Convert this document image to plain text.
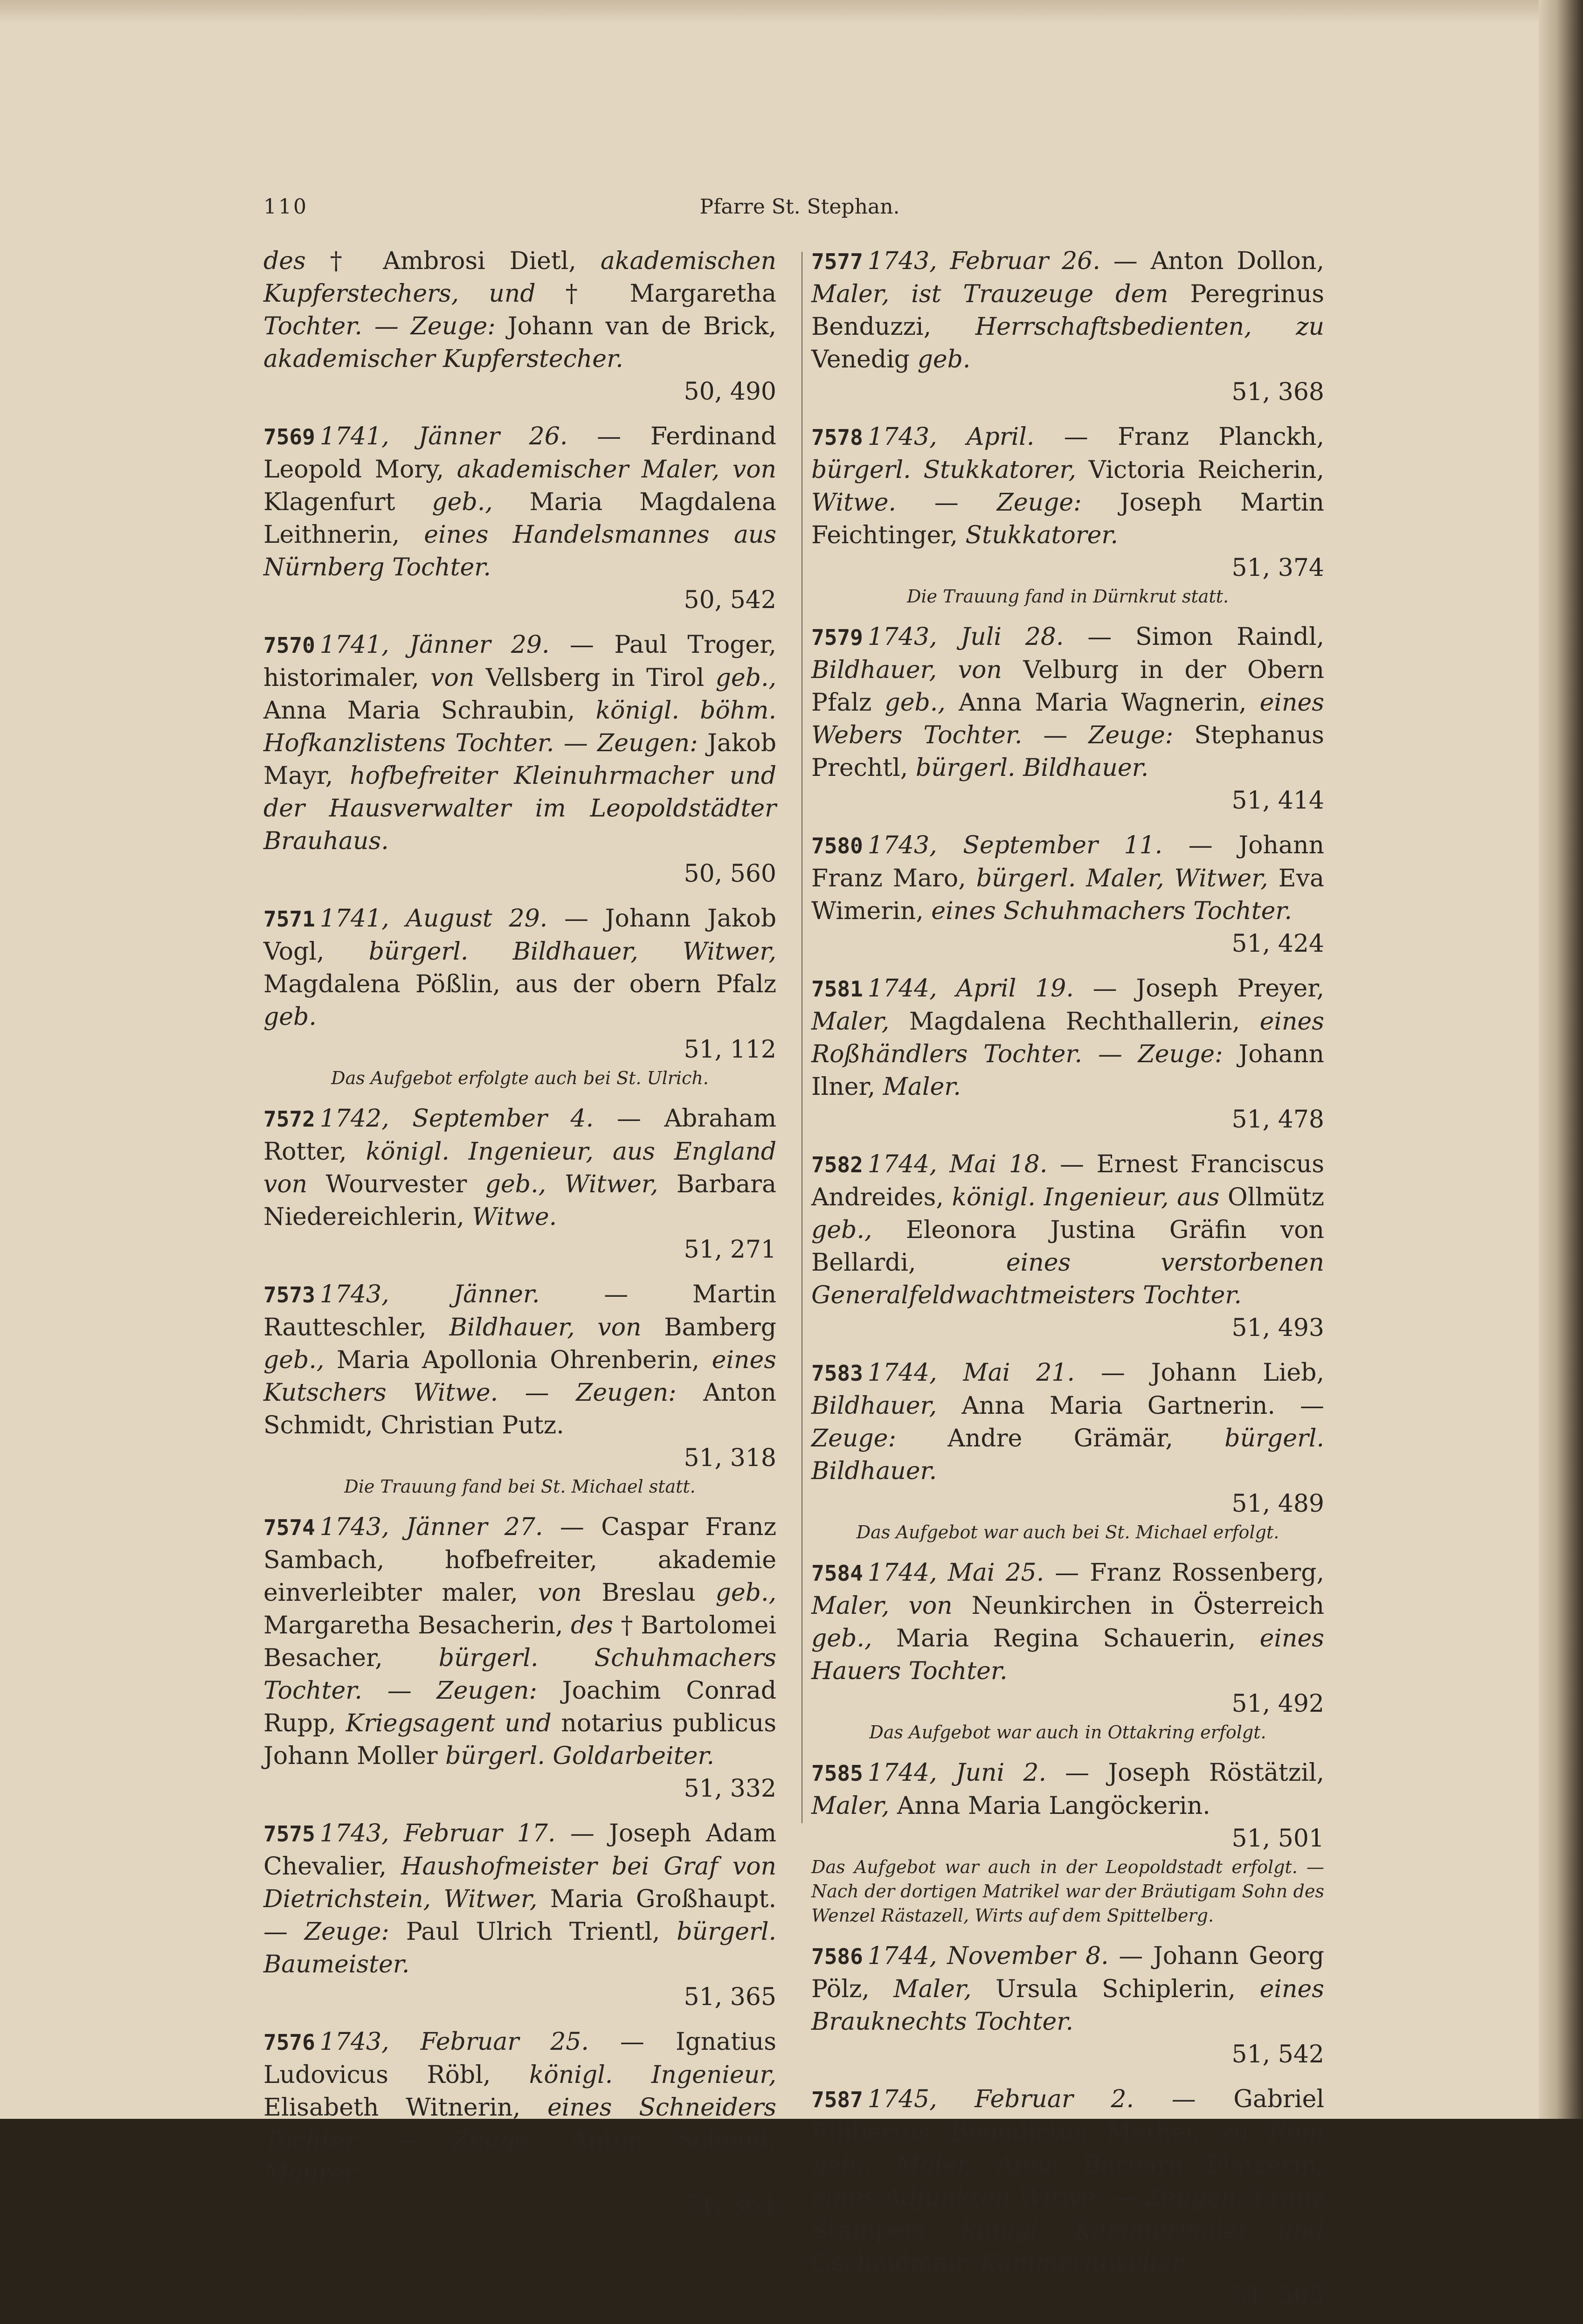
110	Pfarre St. Stephan.

des † Ambrosi Dietl, akademischen Kupferstechers, und † Margaretha Tochter. — Zeuge: Johann van de Brick, akademischer Kupferstecher.

50, 490

7569 1741, Jänner 26. — Ferdinand Leopold Mory, akademischer Maler, von Klagenfurt geb., Maria Magdalena Leithnerin, eines Handelsmannes aus Nürnberg Tochter.

50, 542

7570 1741, Jänner 29. — Paul Troger, historimaler, von Vellsberg in Tirol geb., Anna Maria Schraubin, königl. böhm. Hofkanzlistens Tochter. — Zeugen: Jakob Mayr, hofbefreiter Kleinuhrmacher und der Hausverwalter im Leopoldstädter Brauhaus.

50, 560

7571 1741, August 29. — Johann Jakob Vogl, bürgerl. Bildhauer, Witwer, Magdalena Pößlin, aus der obern Pfalz geb.

51, 112

Das Aufgebot erfolgte auch bei St. Ulrich.

7572 1742, September 4. — Abraham Rotter, königl. Ingenieur, aus England von Wourvester geb., Witwer, Barbara Niedereichlerin, Witwe.

51, 271

7573 1743, Jänner. — Martin Rautteschler, Bildhauer, von Bamberg geb., Maria Apollonia Ohrenberin, eines Kutschers Witwe. — Zeugen: Anton Schmidt, Christian Putz.

51, 318

Die Trauung fand bei St. Michael statt.

7574 1743, Jänner 27. — Caspar Franz Sambach, hofbefreiter, akademie einverleibter maler, von Breslau geb., Margaretha Besacherin, des † Bartolomei Besacher, bürgerl. Schuhmachers Tochter. — Zeugen: Joachim Conrad Rupp, Kriegsagent und notarius publicus Johann Moller bürgerl. Goldarbeiter.

51, 332

7575 1743, Februar 17. — Joseph Adam Chevalier, Haushofmeister bei Graf von Dietrichstein, Witwer, Maria Großhaupt. — Zeuge: Paul Ulrich Trientl, bürgerl. Baumeister.

51, 365

7576 1743, Februar 25. — Ignatius Ludovicus Röbl, königl. Ingenieur, Elisabeth Witnerin, eines Schneiders Tochter. — Zeuge: Anton Schmid, Maurer.

51, 364

7577 1743, Februar 26. — Anton Dollon, Maler, ist Trauzeuge dem Peregrinus Benduzzi, Herrschaftsbedienten, zu Venedig geb.

51, 368

7578 1743, April. — Franz Planckh, bürgerl. Stukkatorer, Victoria Reicherin, Witwe. — Zeuge: Joseph Martin Feichtinger, Stukkatorer.

51, 374

Die Trauung fand in Dürnkrut statt.

7579 1743, Juli 28. — Simon Raindl, Bildhauer, von Velburg in der Obern Pfalz geb., Anna Maria Wagnerin, eines Webers Tochter. — Zeuge: Stephanus Prechtl, bürgerl. Bildhauer.

51, 414

7580 1743, September 11. — Johann Franz Maro, bürgerl. Maler, Witwer, Eva Wimerin, eines Schuhmachers Tochter.

51, 424

7581 1744, April 19. — Joseph Preyer, Maler, Magdalena Rechthallerin, eines Roßhändlers Tochter. — Zeuge: Johann Ilner, Maler.

51, 478

7582 1744, Mai 18. — Ernest Franciscus Andreides, königl. Ingenieur, aus Ollmütz geb., Eleonora Justina Gräfin von Bellardi, eines verstorbenen Generalfeldwachtmeisters Tochter.

51, 493

7583 1744, Mai 21. — Johann Lieb, Bildhauer, Anna Maria Gartnerin. — Zeuge: Andre Grämär, bürgerl. Bildhauer.

51, 489

Das Aufgebot war auch bei St. Michael erfolgt.

7584 1744, Mai 25. — Franz Rossenberg, Maler, von Neunkirchen in Österreich geb., Maria Regina Schauerin, eines Hauers Tochter.

51, 492

Das Aufgebot war auch in Ottakring erfolgt.

7585 1744, Juni 2. — Joseph Röstätzil, Maler, Anna Maria Langöckerin.

51, 501

Das Aufgebot war auch in der Leopoldstadt erfolgt. — Nach der dortigen Matrikel war der Bräutigam Sohn des Wenzel Rästazell, Wirts auf dem Spittelberg.

7586 1744, November 8. — Johann Georg Pölz, Maler, Ursula Schiplerin, eines Brauknechts Tochter.

51, 542

7587 1745, Februar 2. — Gabriel Filibertus Benedictus Mathei, zu Rom geb., Maler, Anna Barbara Platzerin, eines Adjunkten Witwe. — Zeugen: Franz Stampert, königl. Kammermaler und Gschaidmair, Kammerjuwelier.

51, 565
